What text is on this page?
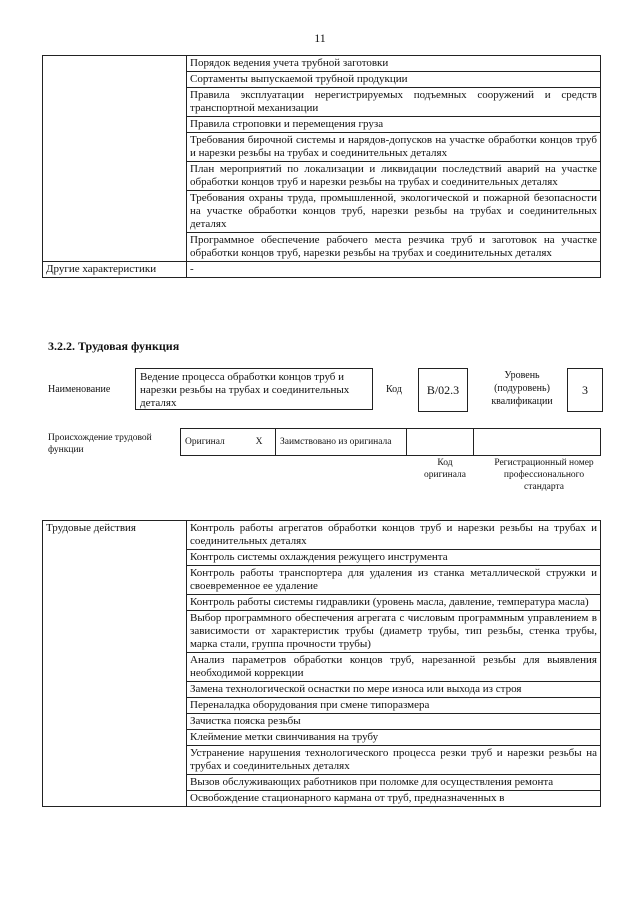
11
	Порядок ведения учета трубной заготовки
	Сортаменты выпускаемой трубной продукции
	Правила эксплуатации нерегистрируемых подъемных сооружений и средств транспортной механизации
	Правила строповки и перемещения груза
	Требования бирочной системы и нарядов-допусков на участке обработки концов труб и нарезки резьбы на трубах и соединительных деталях
	План мероприятий по локализации и ликвидации последствий аварий на участке обработки концов труб и нарезки резьбы на трубах и соединительных деталях
	Требования охраны труда, промышленной, экологической и пожарной безопасности на участке обработки концов труб, нарезки резьбы на трубах и соединительных деталях
	Программное обеспечение рабочего места резчика труб и заготовок на участке обработки концов труб, нарезки резьбы на трубах и соединительных деталях
Другие характеристики	-
3.2.2. Трудовая функция
Наименование
Ведение процесса обработки концов труб и нарезки резьбы на трубах и соединительных деталях
Код	B/02.3
Уровень (подуровень) квалификации
3
Происхождение трудовой функции
Оригинал	X	Заимствовано из оригинала		
Код оригинала
Регистрационный номер профессионального стандарта
Трудовые действия	Контроль работы агрегатов обработки концов труб и нарезки резьбы на трубах и соединительных деталях
Контроль системы охлаждения режущего инструмента
Контроль работы транспортера для удаления из станка металлической стружки и своевременное ее удаление
Контроль работы системы гидравлики (уровень масла, давление, температура масла)
Выбор программного обеспечения агрегата с числовым программным управлением в зависимости от характеристик трубы (диаметр трубы, тип резьбы, стенка трубы, марка стали, группа прочности трубы)
Анализ параметров обработки концов труб, нарезанной резьбы для выявления необходимой коррекции
Замена технологической оснастки по мере износа или выхода из строя
Переналадка оборудования при смене типоразмера
Зачистка пояска резьбы
Клеймение метки свинчивания на трубу
Устранение нарушения технологического процесса резки труб и нарезки резьбы на трубах и соединительных деталях
Вызов обслуживающих работников при поломке для осуществления ремонта
Освобождение стационарного кармана от труб, предназначенных в
